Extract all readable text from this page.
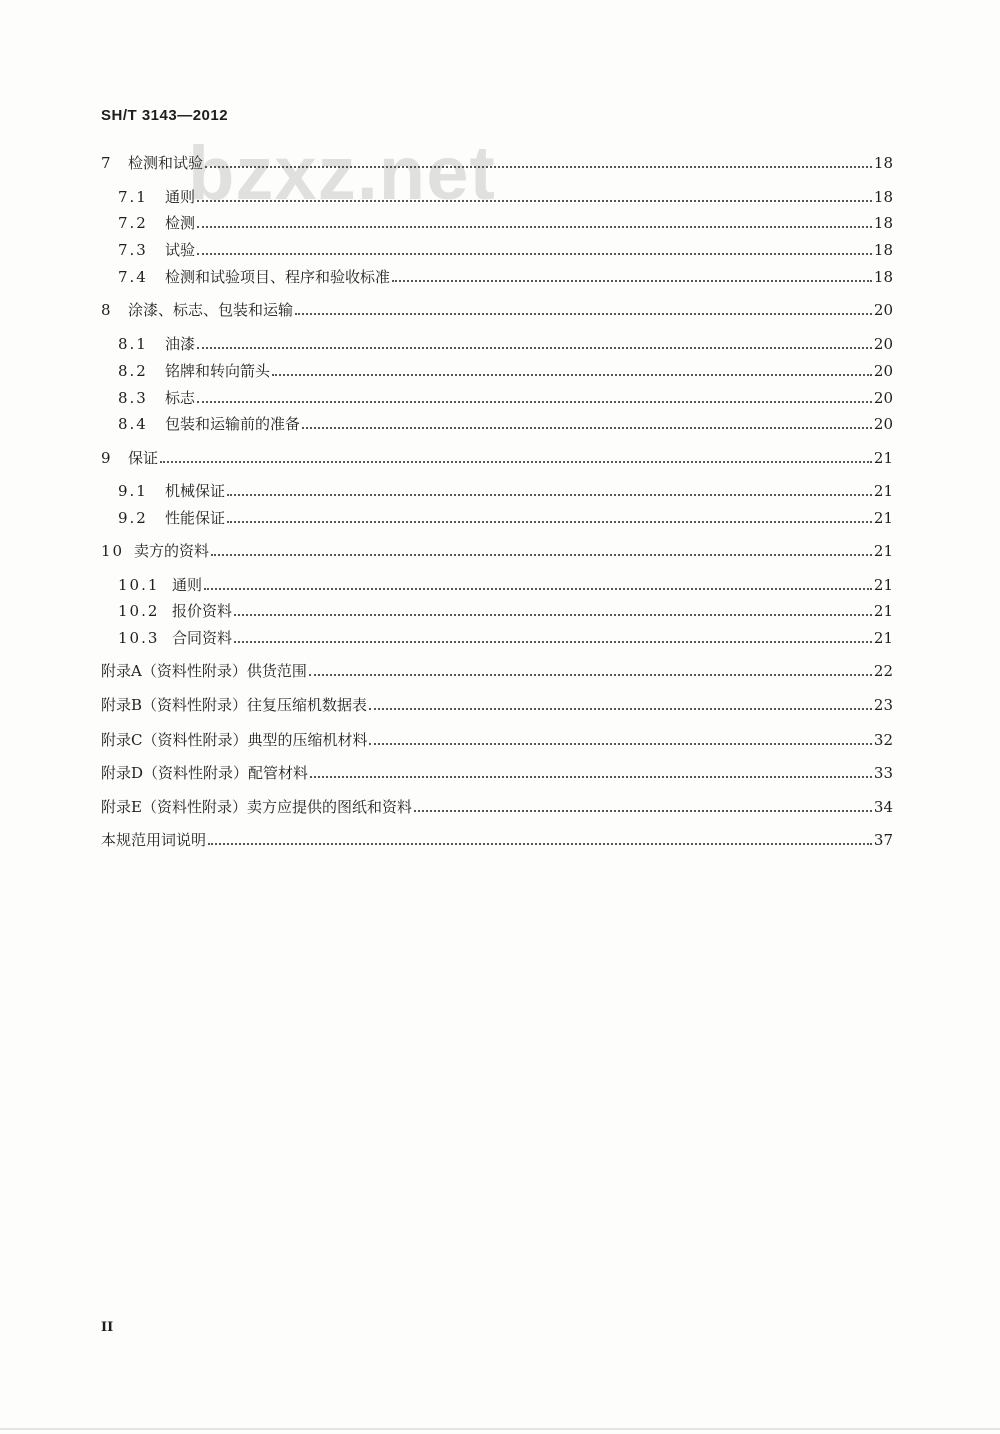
SH/T 3143—2012
bzxz.net
7	检测和试验	18
7.1	通则	18
7.2	检测	18
7.3	试验	18
7.4	检测和试验项目、程序和验收标准	18
8	涂漆、标志、包装和运输	20
8.1	油漆	20
8.2	铭牌和转向箭头	20
8.3	标志	20
8.4	包装和运输前的准备	20
9	保证	21
9.1	机械保证	21
9.2	性能保证	21
10 卖方的资料	21
10.1 通则	21
10.2 报价资料	21
10.3 合同资料	21
附录A（资料性附录）供货范围	22
附录B（资料性附录）往复压缩机数据表	23
附录C（资料性附录）典型的压缩机材料	32
附录D（资料性附录）配管材料	33
附录E（资料性附录）卖方应提供的图纸和资料	34
本规范用词说明	37
II
